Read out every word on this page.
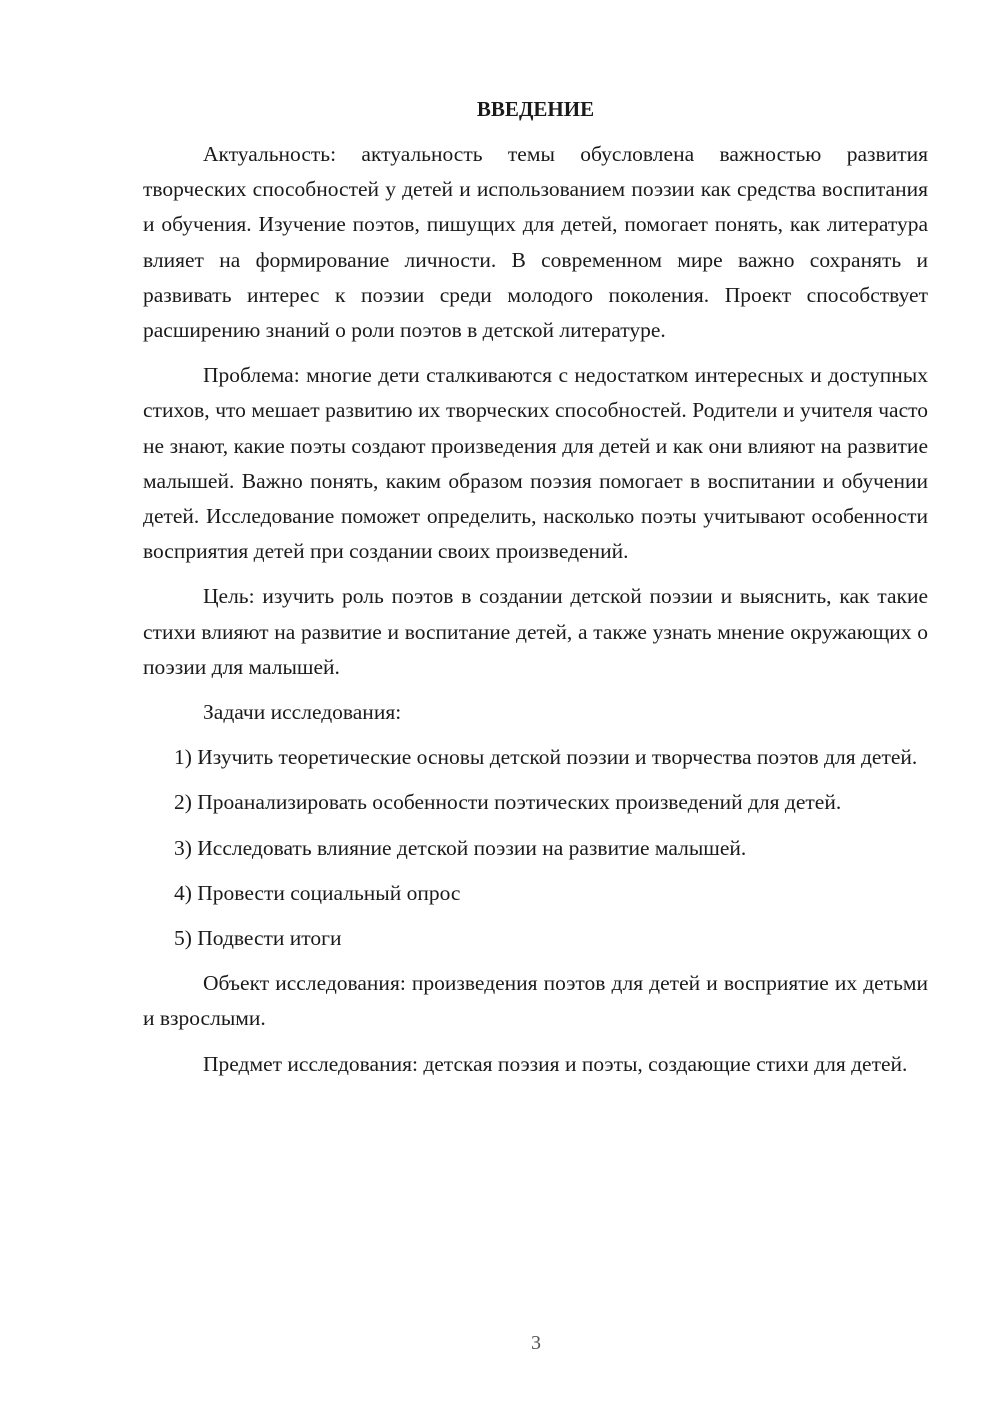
ВВЕДЕНИЕ

Актуальность: актуальность темы обусловлена важностью развития творческих способностей у детей и использованием поэзии как средства воспитания и обучения. Изучение поэтов, пишущих для детей, помогает понять, как литература влияет на формирование личности. В современном мире важно сохранять и развивать интерес к поэзии среди молодого поколения. Проект способствует расширению знаний о роли поэтов в детской литературе.

Проблема: многие дети сталкиваются с недостатком интересных и доступных стихов, что мешает развитию их творческих способностей. Родители и учителя часто не знают, какие поэты создают произведения для детей и как они влияют на развитие малышей. Важно понять, каким образом поэзия помогает в воспитании и обучении детей. Исследование поможет определить, насколько поэты учитывают особенности восприятия детей при создании своих произведений.

Цель: изучить роль поэтов в создании детской поэзии и выяснить, как такие стихи влияют на развитие и воспитание детей, а также узнать мнение окружающих о поэзии для малышей.

Задачи исследования:

1) Изучить теоретические основы детской поэзии и творчества поэтов для детей.

2) Проанализировать особенности поэтических произведений для детей.

3) Исследовать влияние детской поэзии на развитие малышей.

4) Провести социальный опрос

5) Подвести итоги

Объект исследования: произведения поэтов для детей и восприятие их детьми и взрослыми.

Предмет исследования: детская поэзия и поэты, создающие стихи для детей.

3
